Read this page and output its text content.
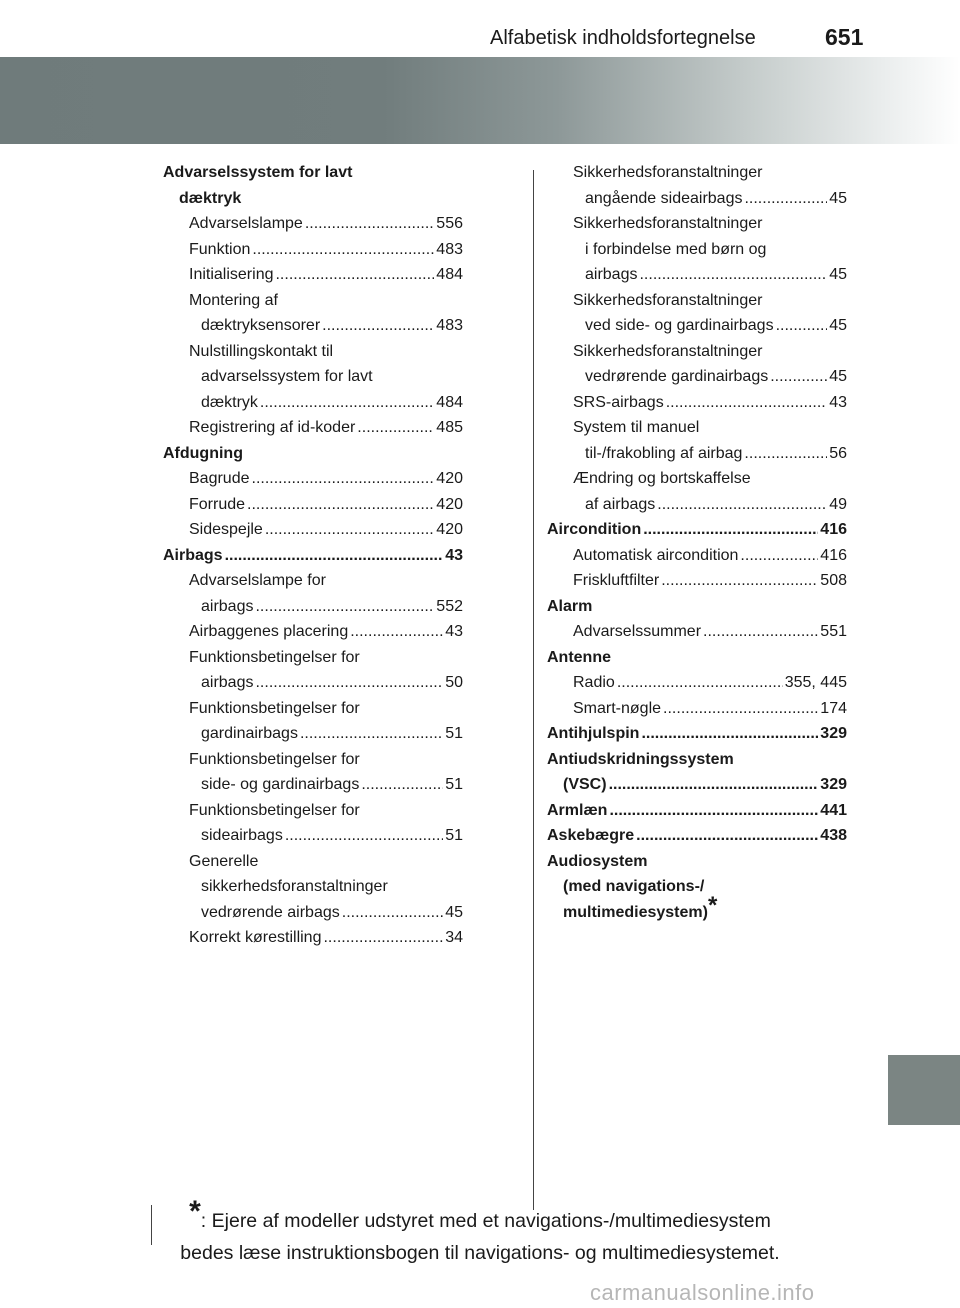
Alfabetisk indholdsfortegnelse	651
Advarselssystem for lavt
dæktryk
Advarselslampe .....	556
Funktion .....	483
Initialisering .....	484
Montering af
dæktryksensorer .....	483
Nulstillingskontakt til
advarselssystem for lavt
dæktryk .....	484
Registrering af id-koder .....	485
Afdugning
Bagrude .....	420
Forrude .....	420
Sidespejle .....	420
Airbags .....	43
Advarselslampe for
airbags .....	552
Airbaggenes placering .....	43
Funktionsbetingelser for
airbags .....	50
Funktionsbetingelser for
gardinairbags .....	51
Funktionsbetingelser for
side- og gardinairbags .....	51
Funktionsbetingelser for
sideairbags .....	51
Generelle
sikkerhedsforanstaltninger
vedrørende airbags .....	45
Korrekt kørestilling .....	34
Sikkerhedsforanstaltninger
angående sideairbags .....	45
Sikkerhedsforanstaltninger
i forbindelse med børn og
airbags .....	45
Sikkerhedsforanstaltninger
ved side- og gardinairbags .....	45
Sikkerhedsforanstaltninger
vedrørende gardinairbags .....	45
SRS-airbags .....	43
System til manuel
til-/frakobling af airbag .....	56
Ændring og bortskaffelse
af airbags .....	49
Aircondition .....	416
Automatisk aircondition .....	416
Friskluftfilter .....	508
Alarm
Advarselssummer .....	551
Antenne
Radio .....	355, 445
Smart-nøgle .....	174
Antihjulspin .....	329
Antiudskridningssystem
(VSC) .....	329
Armlæn .....	441
Askebægre .....	438
Audiosystem
(med navigations-/
multimediesystem)*
*: Ejere af modeller udstyret med et navigations-/multimediesystem
bedes læse instruktionsbogen til navigations- og multimediesystemet.
carmanualsonline.info
